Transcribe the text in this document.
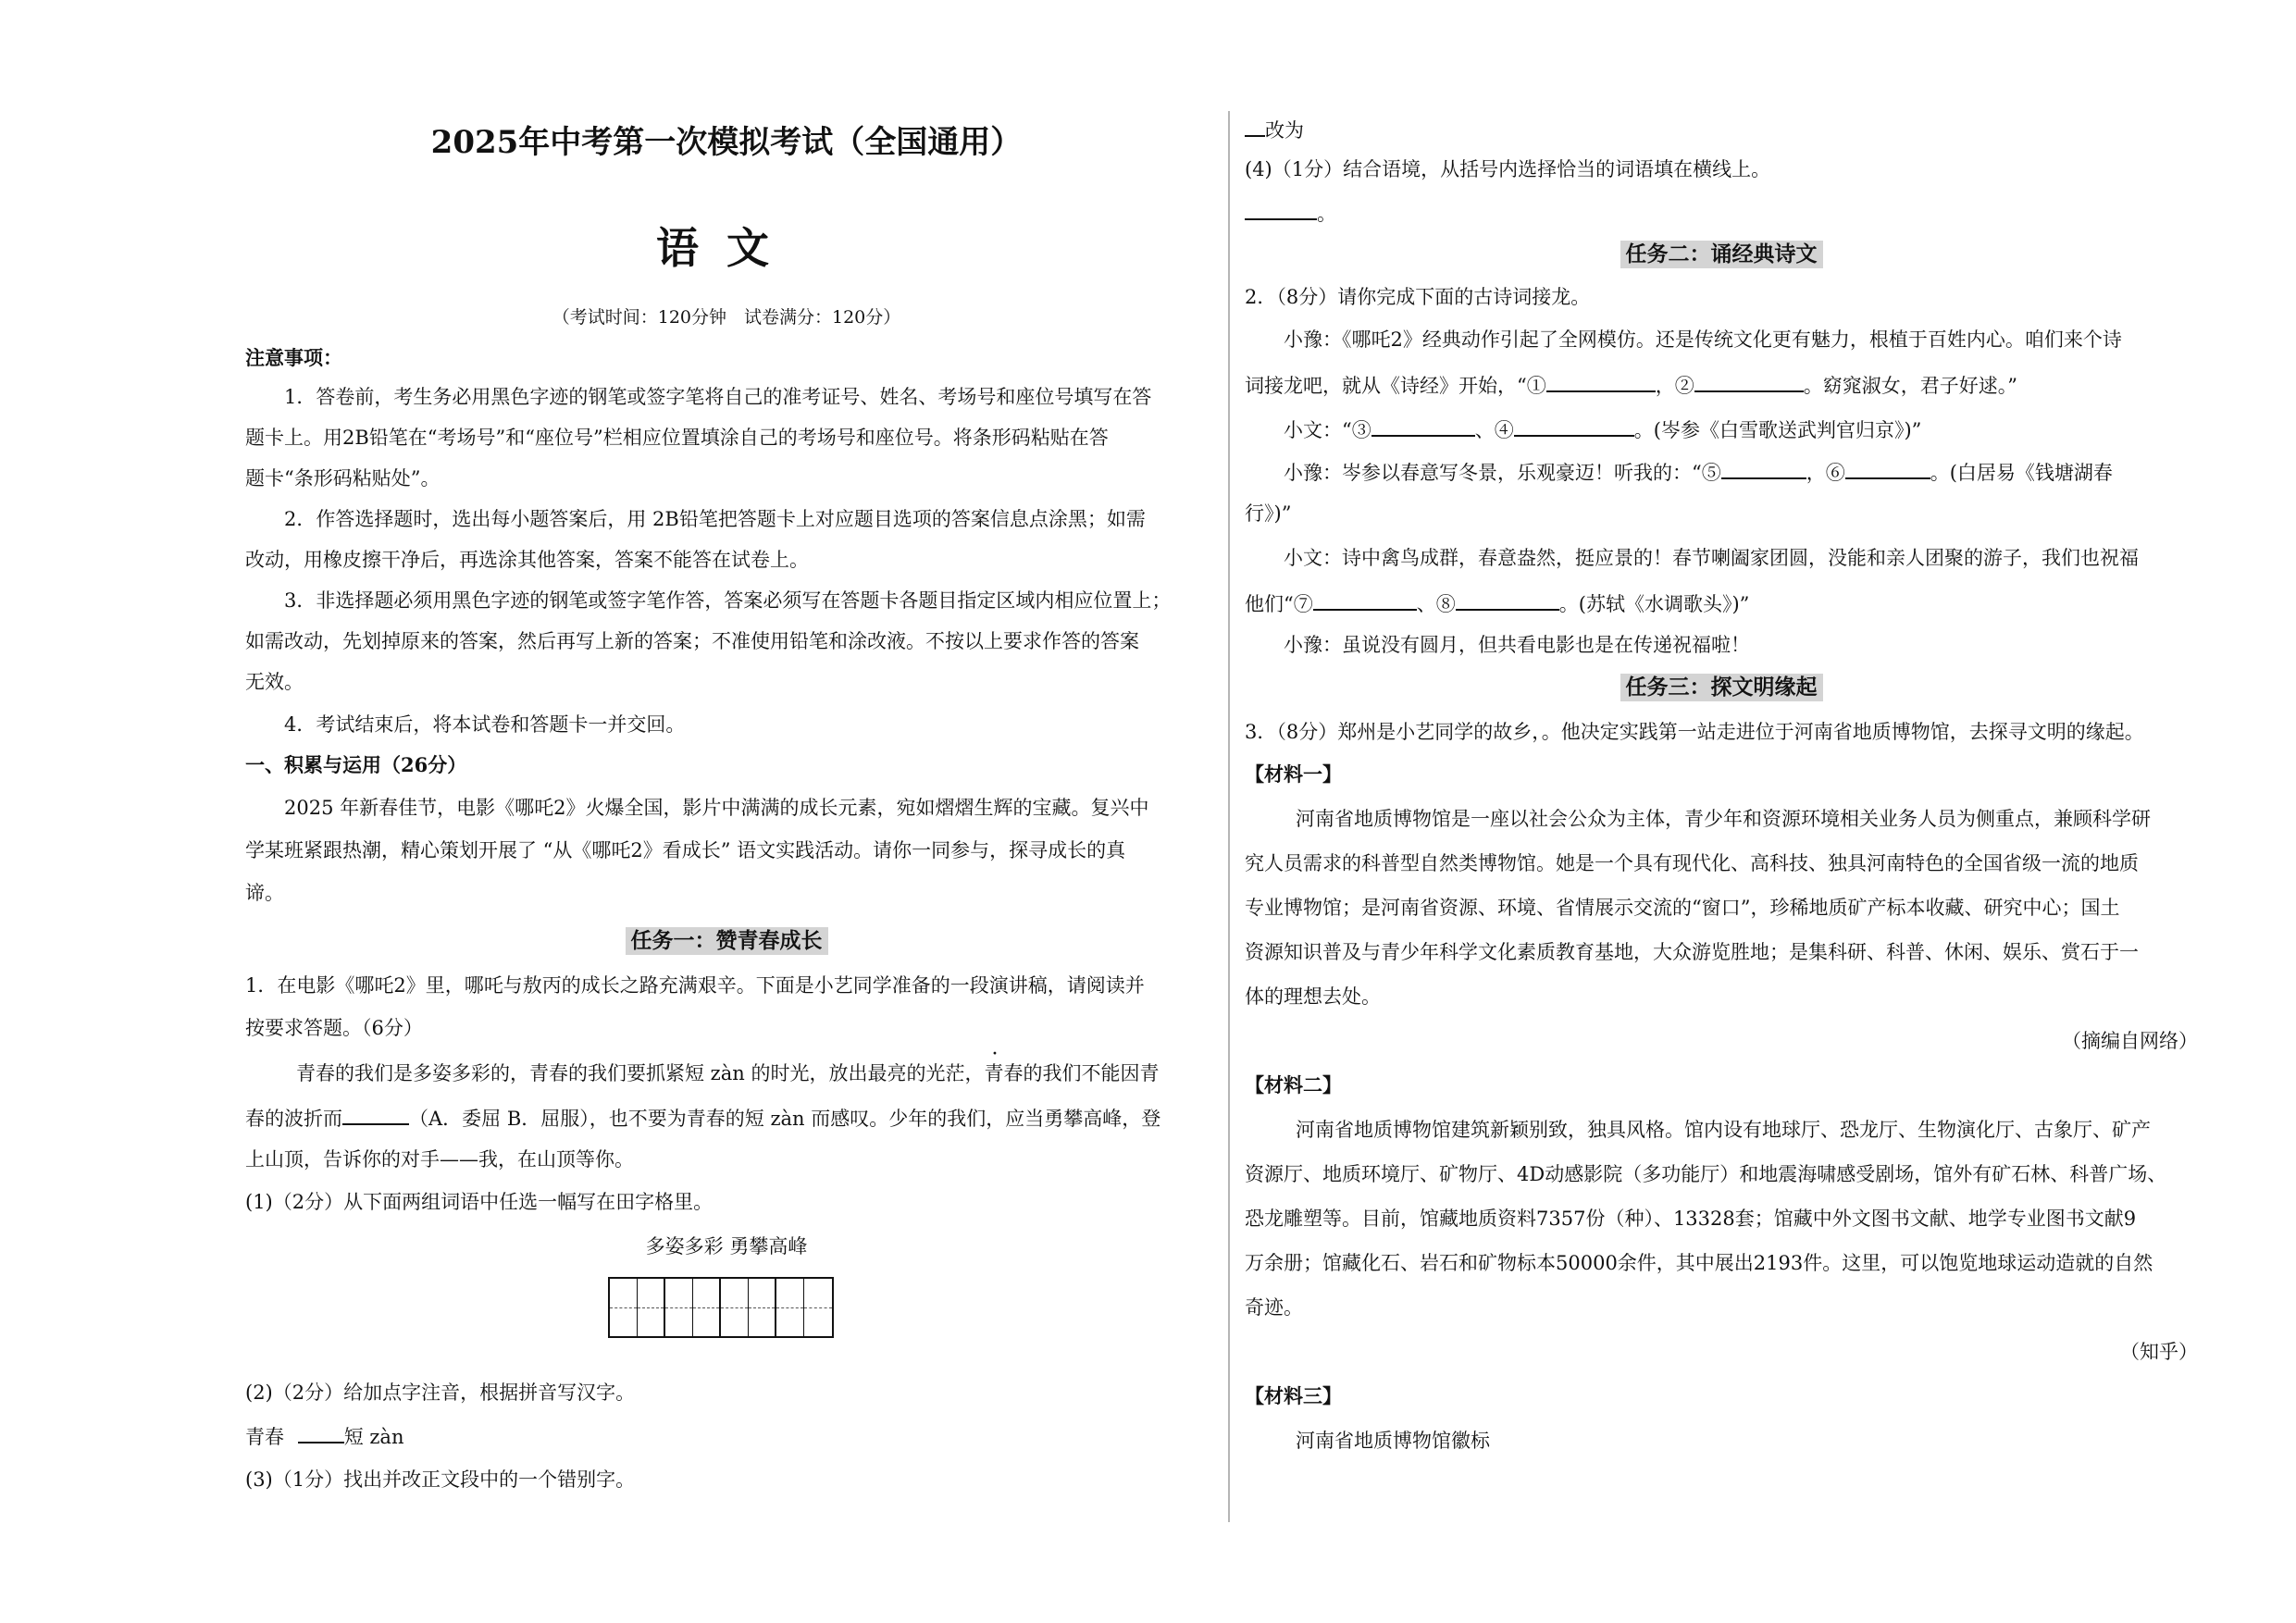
2025年中考第一次模拟考试（全国通用）
语文
（考试时间：120分钟　试卷满分：120分）
注意事项：
1．答卷前，考生务必用黑色字迹的钢笔或签字笔将自己的准考证号、姓名、考场号和座位号填写在答
题卡上。用2B铅笔在“考场号”和“座位号”栏相应位置填涂自己的考场号和座位号。将条形码粘贴在答
题卡“条形码粘贴处”。
2．作答选择题时，选出每小题答案后，用 2B铅笔把答题卡上对应题目选项的答案信息点涂黑；如需
改动，用橡皮擦干净后，再选涂其他答案，答案不能答在试卷上。
3．非选择题必须用黑色字迹的钢笔或签字笔作答，答案必须写在答题卡各题目指定区域内相应位置上；
如需改动，先划掉原来的答案，然后再写上新的答案；不准使用铅笔和涂改液。不按以上要求作答的答案
无效。
4．考试结束后，将本试卷和答题卡一并交回。
一、积累与运用（26分）
2025 年新春佳节，电影《哪吒2》火爆全国，影片中满满的成长元素，宛如熠熠生辉的宝藏。复兴中
学某班紧跟热潮，精心策划开展了 “从《哪吒2》看成长” 语文实践活动。请你一同参与，探寻成长的真
谛。
任务一：赞青春成长
1．在电影《哪吒2》里，哪吒与敖丙的成长之路充满艰辛。下面是小艺同学准备的一段演讲稿，请阅读并
按要求答题。（6分）
青春的我们是多姿多彩的，青春的我们要抓紧短 zàn 的时光，放出最亮的光茫，青春的我们不能因青
春的波折而	（A．委屈 B．屈服），也不要为青春的短 zàn 而感叹。少年的我们，应当勇攀高峰，登
上山顶，告诉你的对手——我，在山顶等你。
(1)（2分）从下面两组词语中任选一幅写在田字格里。
多姿多彩 勇攀高峰
(2)（2分）给加点字注音，根据拼音写汉字。
青春	短 zàn
(3)（1分）找出并改正文段中的一个错别字。
改为
(4)（1分）结合语境，从括号内选择恰当的词语填在横线上。
。
任务二：诵经典诗文
2．（8分）请你完成下面的古诗词接龙。
小豫：《哪吒2》经典动作引起了全网模仿。还是传统文化更有魅力，根植于百姓内心。咱们来个诗
词接龙吧，就从《诗经》开始，“①	，②	。窈窕淑女，君子好逑。”
小文：“③	、④	。(岑参《白雪歌送武判官归京》)”
小豫：岑参以春意写冬景，乐观豪迈！听我的：“⑤	，⑥	。(白居易《钱塘湖春
行》)”
小文：诗中禽鸟成群，春意盎然，挺应景的！春节喇阖家团圆，没能和亲人团聚的游子，我们也祝福
他们“⑦	、⑧	。(苏轼《水调歌头》)”
小豫：虽说没有圆月，但共看电影也是在传递祝福啦！
任务三：探文明缘起
3．（8分）郑州是小艺同学的故乡，。他决定实践第一站走进位于河南省地质博物馆，去探寻文明的缘起。
【材料一】
河南省地质博物馆是一座以社会公众为主体，青少年和资源环境相关业务人员为侧重点，兼顾科学研
究人员需求的科普型自然类博物馆。她是一个具有现代化、高科技、独具河南特色的全国省级一流的地质
专业博物馆；是河南省资源、环境、省情展示交流的“窗口”，珍稀地质矿产标本收藏、研究中心；国土
资源知识普及与青少年科学文化素质教育基地，大众游览胜地；是集科研、科普、休闲、娱乐、赏石于一
体的理想去处。
（摘编自网络）
【材料二】
河南省地质博物馆建筑新颖别致，独具风格。馆内设有地球厅、恐龙厅、生物演化厅、古象厅、矿产
资源厅、地质环境厅、矿物厅、4D动感影院（多功能厅）和地震海啸感受剧场，馆外有矿石林、科普广场、
恐龙雕塑等。目前，馆藏地质资料7357份（种）、13328套；馆藏中外文图书文献、地学专业图书文献9
万余册；馆藏化石、岩石和矿物标本50000余件，其中展出2193件。这里，可以饱览地球运动造就的自然
奇迹。
（知乎）
【材料三】
河南省地质博物馆徽标
